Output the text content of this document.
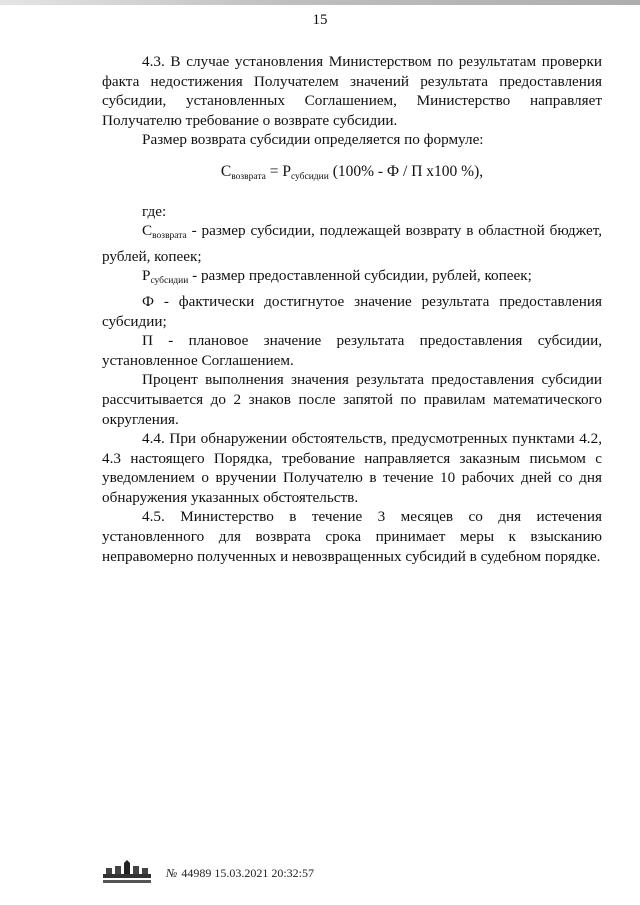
15

4.3. В случае установления Министерством по результатам проверки факта недостижения Получателем значений результата предоставления субсидии, установленных Соглашением, Министерство направляет Получателю требование о возврате субсидии.

Размер возврата субсидии определяется по формуле:

$С_{возврата} = Р_{субсидии}$ (100% - Ф / П х100 %),

где:

$С_{возврата}$ - размер субсидии, подлежащей возврату в областной бюджет, рублей, копеек;

$Р_{субсидии}$ - размер предоставленной субсидии, рублей, копеек;

Ф - фактически достигнутое значение результата предоставления субсидии;

П - плановое значение результата предоставления субсидии, установленное Соглашением.

Процент выполнения значения результата предоставления субсидии рассчитывается до 2 знаков после запятой по правилам математического округления.

4.4. При обнаружении обстоятельств, предусмотренных пунктами 4.2, 4.3 настоящего Порядка, требование направляется заказным письмом с уведомлением о вручении Получателю в течение 10 рабочих дней со дня обнаружения указанных обстоятельств.

4.5. Министерство в течение 3 месяцев со дня истечения установленного для возврата срока принимает меры к взысканию неправомерно полученных и невозвращенных субсидий в судебном порядке.

№ 44989 15.03.2021 20:32:57
